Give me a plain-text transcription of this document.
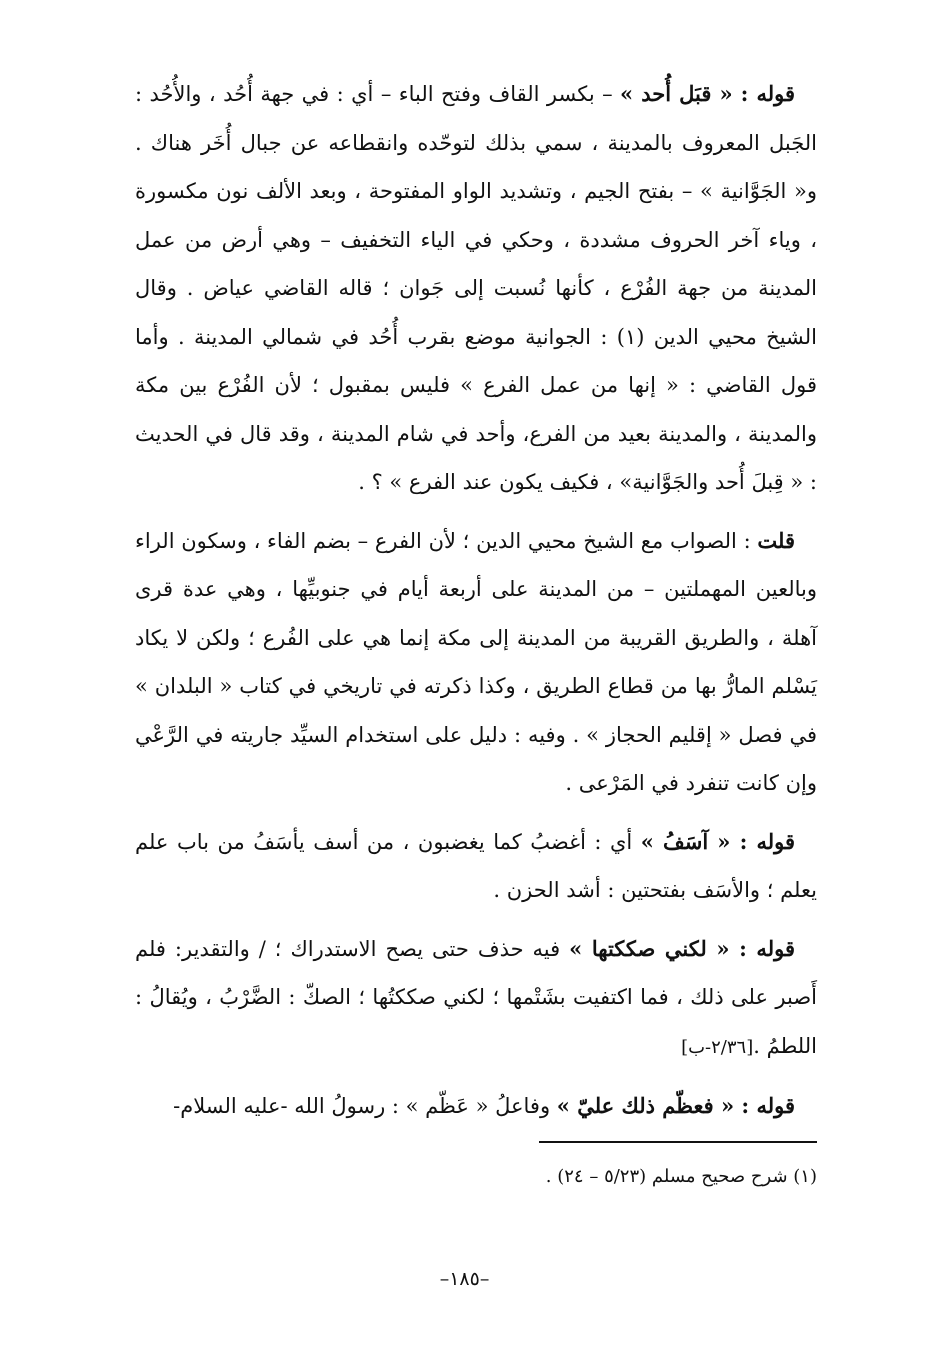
قوله : « قبَل أُحد » – بكسر القاف وفتح الباء – أي : في جهة أُحُد ، والأُحُد : الجَبل المعروف بالمدينة ، سمي بذلك لتوحّده وانقطاعه عن جبال أُخَر هناك . و« الجَوَّانية » – بفتح الجيم ، وتشديد الواو المفتوحة ، وبعد الألف نون مكسورة ، وياء آخر الحروف مشددة ، وحكي في الياء التخفيف – وهي أرض من عمل المدينة من جهة الفُرْع ، كأنها نُسبت إلى جَوان ؛ قاله القاضي عياض . وقال الشيخ محيي الدين (١) : الجوانية موضع بقرب أُحُد في شمالي المدينة . وأما قول القاضي : « إنها من عمل الفرع » فليس بمقبول ؛ لأن الفُرْع بين مكة والمدينة ، والمدينة بعيد من الفرع، وأحد في شام المدينة ، وقد قال في الحديث : « قِبلَ أُحد والجَوَّانية» ، فكيف يكون عند الفرع » ؟ .

قلت : الصواب مع الشيخ محيي الدين ؛ لأن الفرع – بضم الفاء ، وسكون الراء وبالعين المهملتين – من المدينة على أربعة أيام في جنوبيِّها ، وهي عدة قرى آهلة ، والطريق القريبة من المدينة إلى مكة إنما هي على الفُرع ؛ ولكن لا يكاد يَسْلم المارُّ بها من قطاع الطريق ، وكذا ذكرته في تاريخي في كتاب « البلدان » في فصل « إقليم الحجاز » . وفيه : دليل على استخدام السيِّد جاريته في الرَّعْي وإن كانت تنفرد في المَرْعى .

قوله : « آسَفُ » أي : أغضبُ كما يغضبون ، من أسف يأسَفُ من باب علم يعلم ؛ والأسَف بفتحتين : أشد الحزن .

قوله : « لكني صككتها » فيه حذف حتى يصح الاستدراك ؛ / والتقدير: فلم أَصبر على ذلك ، فما اكتفيت بشَتْمها ؛ لكني صككتُها ؛ الصكّ : الضَّرْبُ ، ويُقالُ : اللطمُ .[٢/٣٦-ب]

قوله : « فعظّم ذلك عليّ » وفاعلُ « عَظّم » : رسولُ الله -عليه السلام-

(١) شرح صحيح مسلم (٥/٢٣ – ٢٤) .
–١٨٥–
